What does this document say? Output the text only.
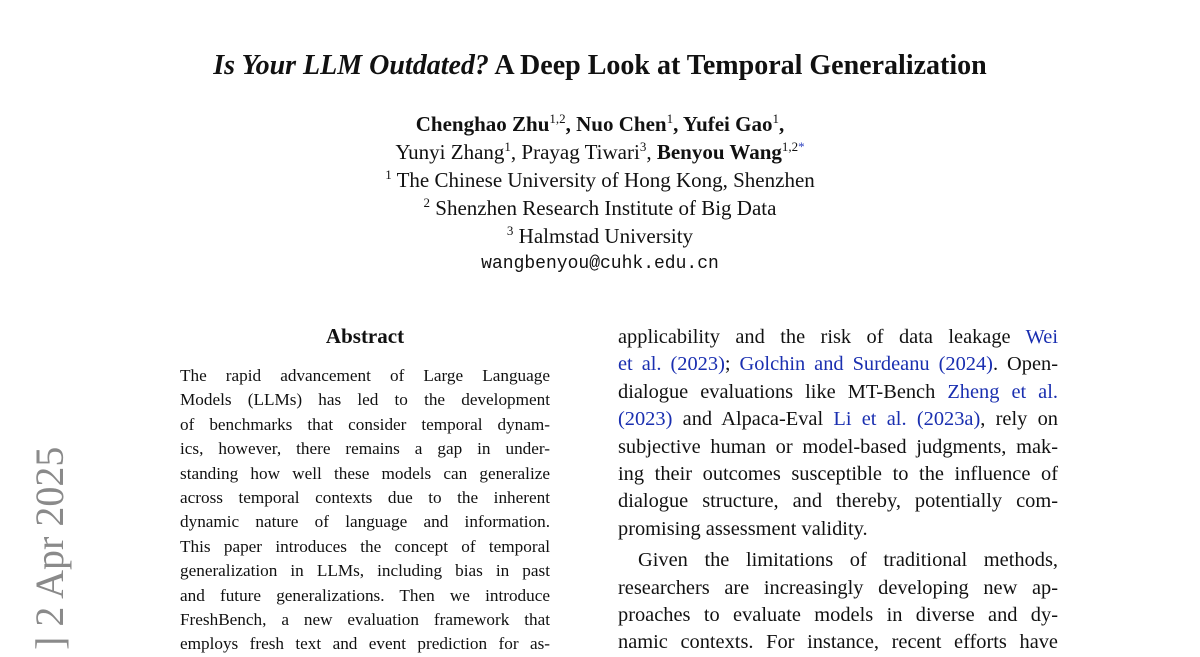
Is Your LLM Outdated? A Deep Look at Temporal Generalization
Chenghao Zhu$^{1,2}$, Nuo Chen$^1$, Yufei Gao$^1$,
Yunyi Zhang$^1$, Prayag Tiwari$^3$, Benyou Wang$^{1,2*}$
$^1$ The Chinese University of Hong Kong, Shenzhen
$^2$ Shenzhen Research Institute of Big Data
$^3$ Halmstad University
wangbenyou@cuhk.edu.cn
Abstract
The rapid advancement of Large Language
Models (LLMs) has led to the development
of benchmarks that consider temporal dynam-
ics, however, there remains a gap in under-
standing how well these models can generalize
across temporal contexts due to the inherent
dynamic nature of language and information.
This paper introduces the concept of temporal
generalization in LLMs, including bias in past
and future generalizations. Then we introduce
FreshBench, a new evaluation framework that
employs fresh text and event prediction for as-
applicability and the risk of data leakage Wei
et al. (2023); Golchin and Surdeanu (2024). Open-
dialogue evaluations like MT-Bench Zheng et al.
(2023) and Alpaca-Eval Li et al. (2023a), rely on
subjective human or model-based judgments, mak-
ing their outcomes susceptible to the influence of
dialogue structure, and thereby, potentially com-
promising assessment validity.
Given the limitations of traditional methods,
researchers are increasingly developing new ap-
proaches to evaluate models in diverse and dy-
namic contexts. For instance, recent efforts have
] 2 Apr 2025
